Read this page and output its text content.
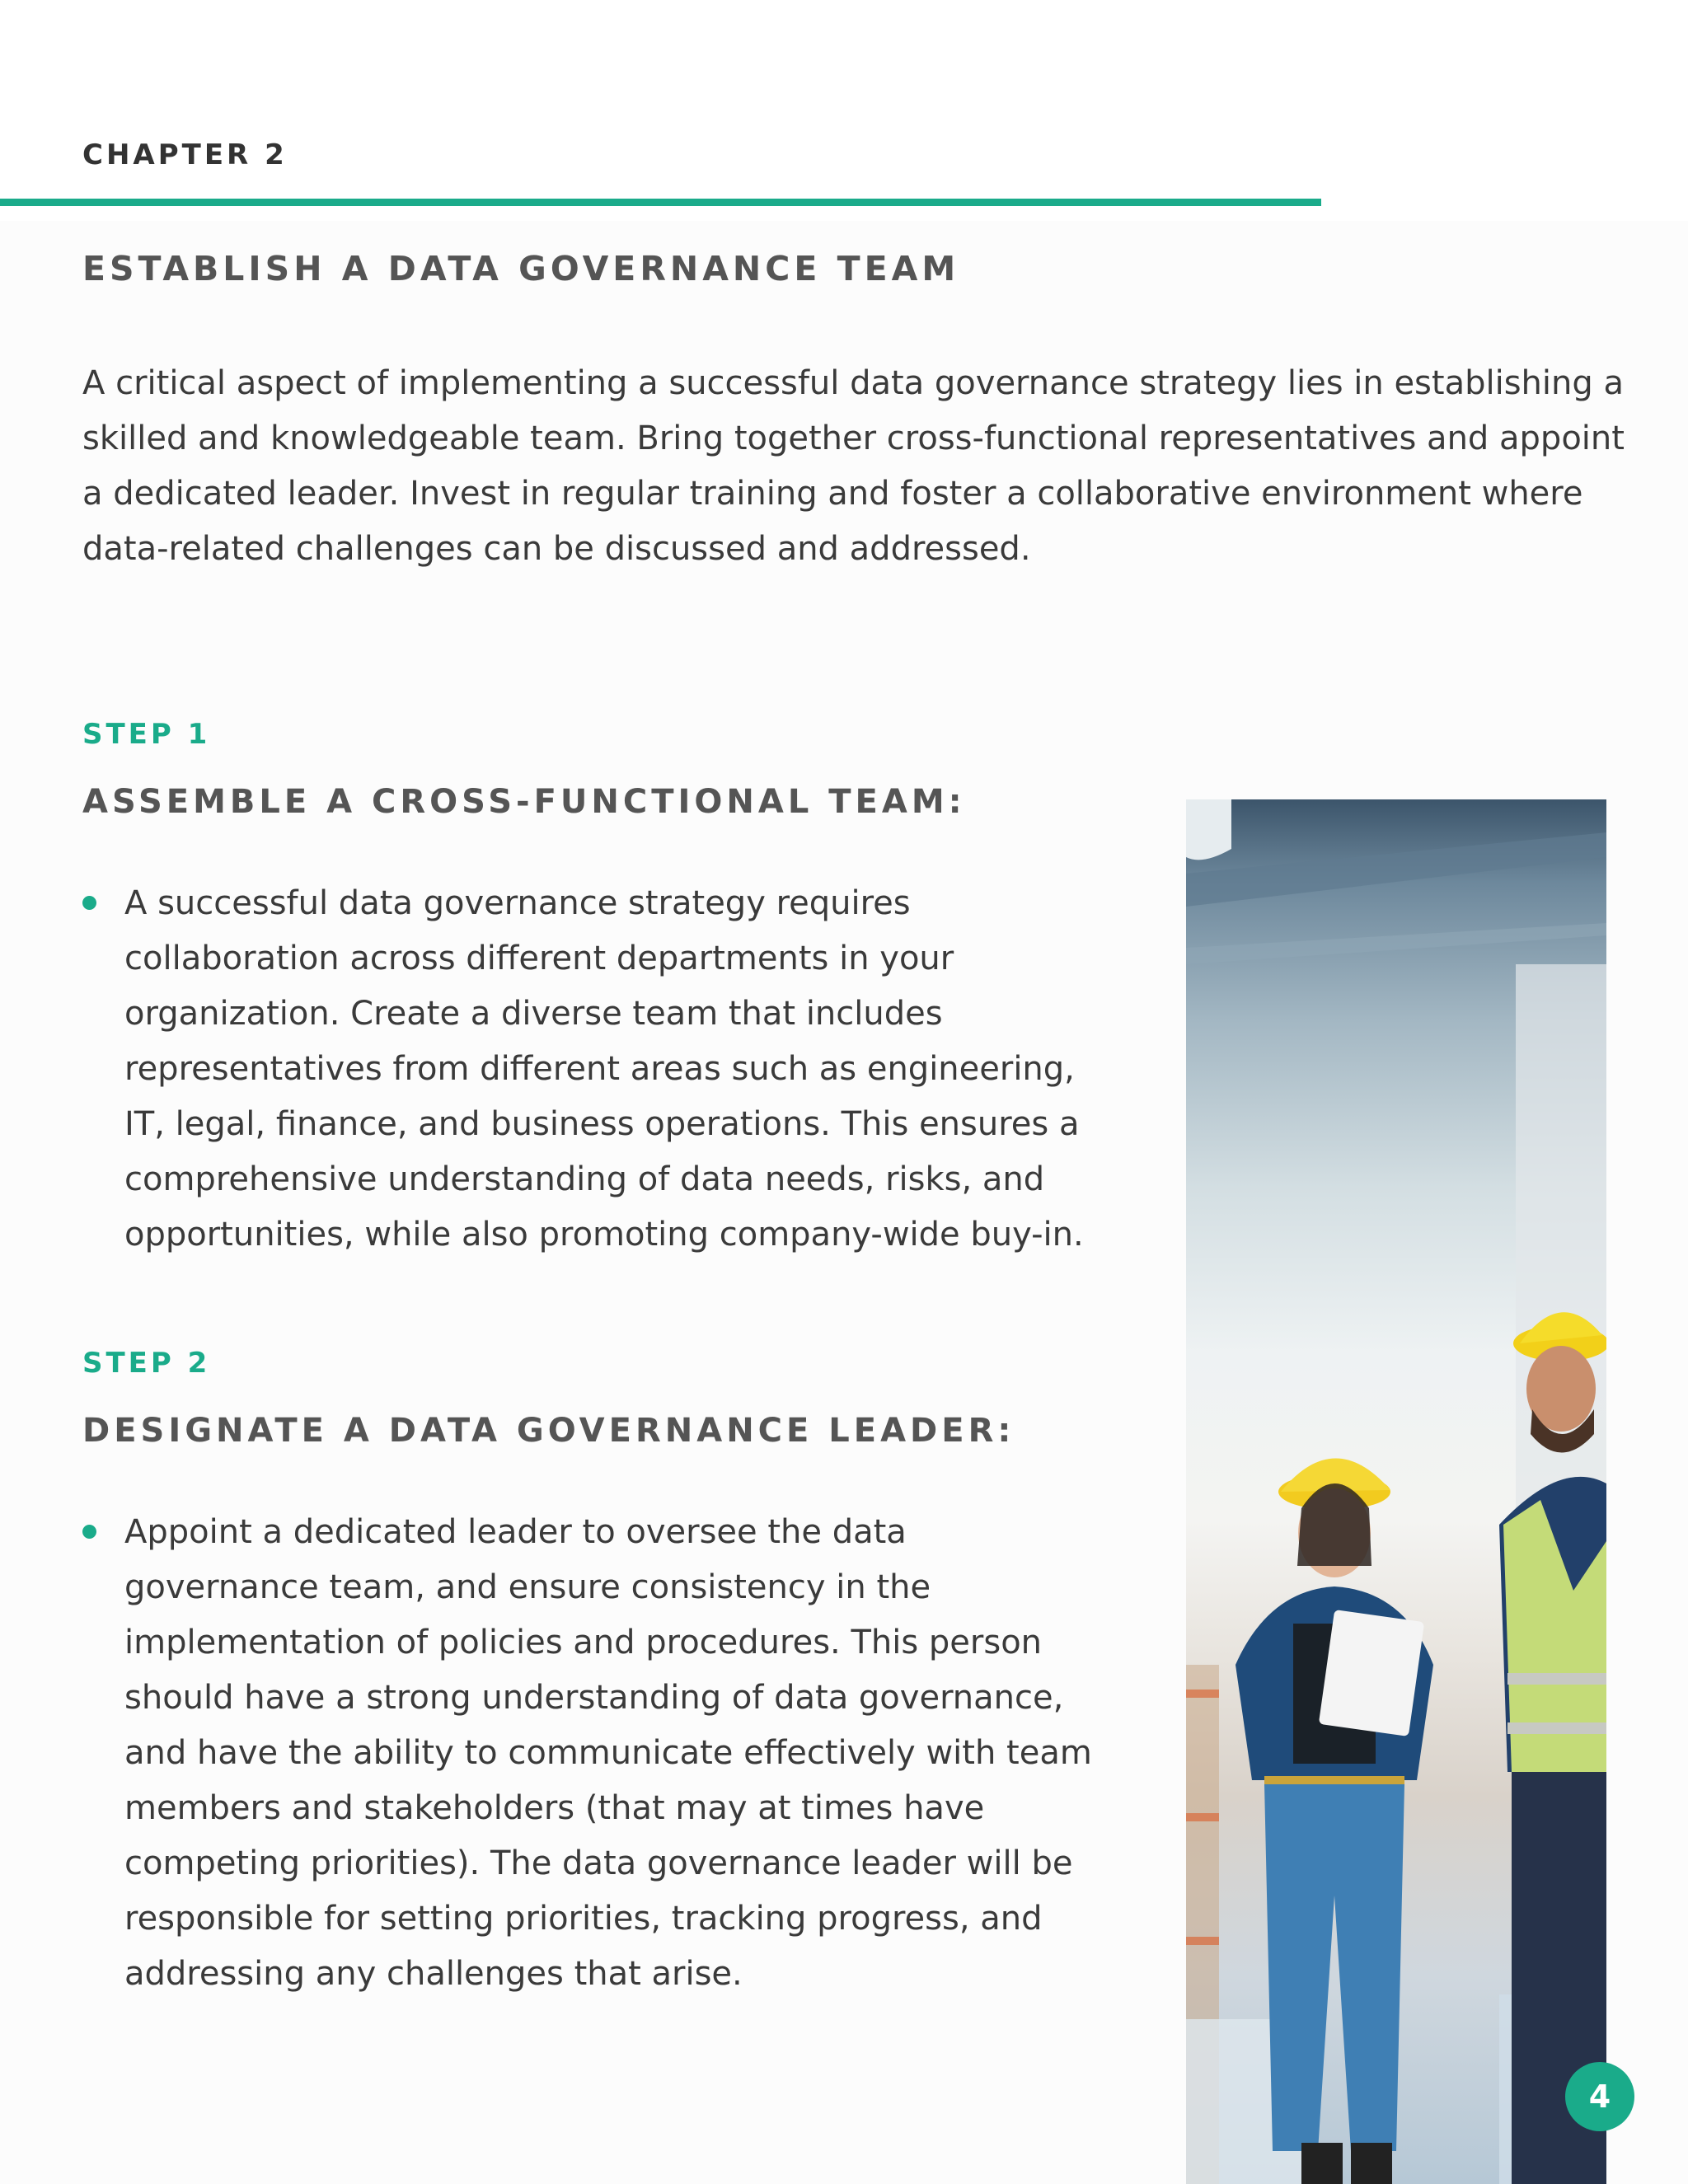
CHAPTER 2
ESTABLISH A DATA GOVERNANCE TEAM
A critical aspect of implementing a successful data governance strategy lies in establishing a skilled and knowledgeable team. Bring together cross-functional representatives and appoint a dedicated leader. Invest in regular training and foster a collaborative environment where data-related challenges can be discussed and addressed.
STEP 1
ASSEMBLE A CROSS-FUNCTIONAL TEAM:
A successful data governance strategy requires collaboration across different departments in your organization. Create a diverse team that includes representatives from different areas such as engineering, IT, legal, finance, and business operations. This ensures a comprehensive understanding of data needs, risks, and opportunities, while also promoting company-wide buy-in.
STEP 2
DESIGNATE A DATA GOVERNANCE LEADER:
Appoint a dedicated leader to oversee the data governance team, and ensure consistency in the implementation of policies and procedures. This person should have a strong understanding of data governance, and have the ability to communicate effectively with team members and stakeholders (that may at times have competing priorities). The data governance leader will be responsible for setting priorities, tracking progress, and addressing any challenges that arise.
4
